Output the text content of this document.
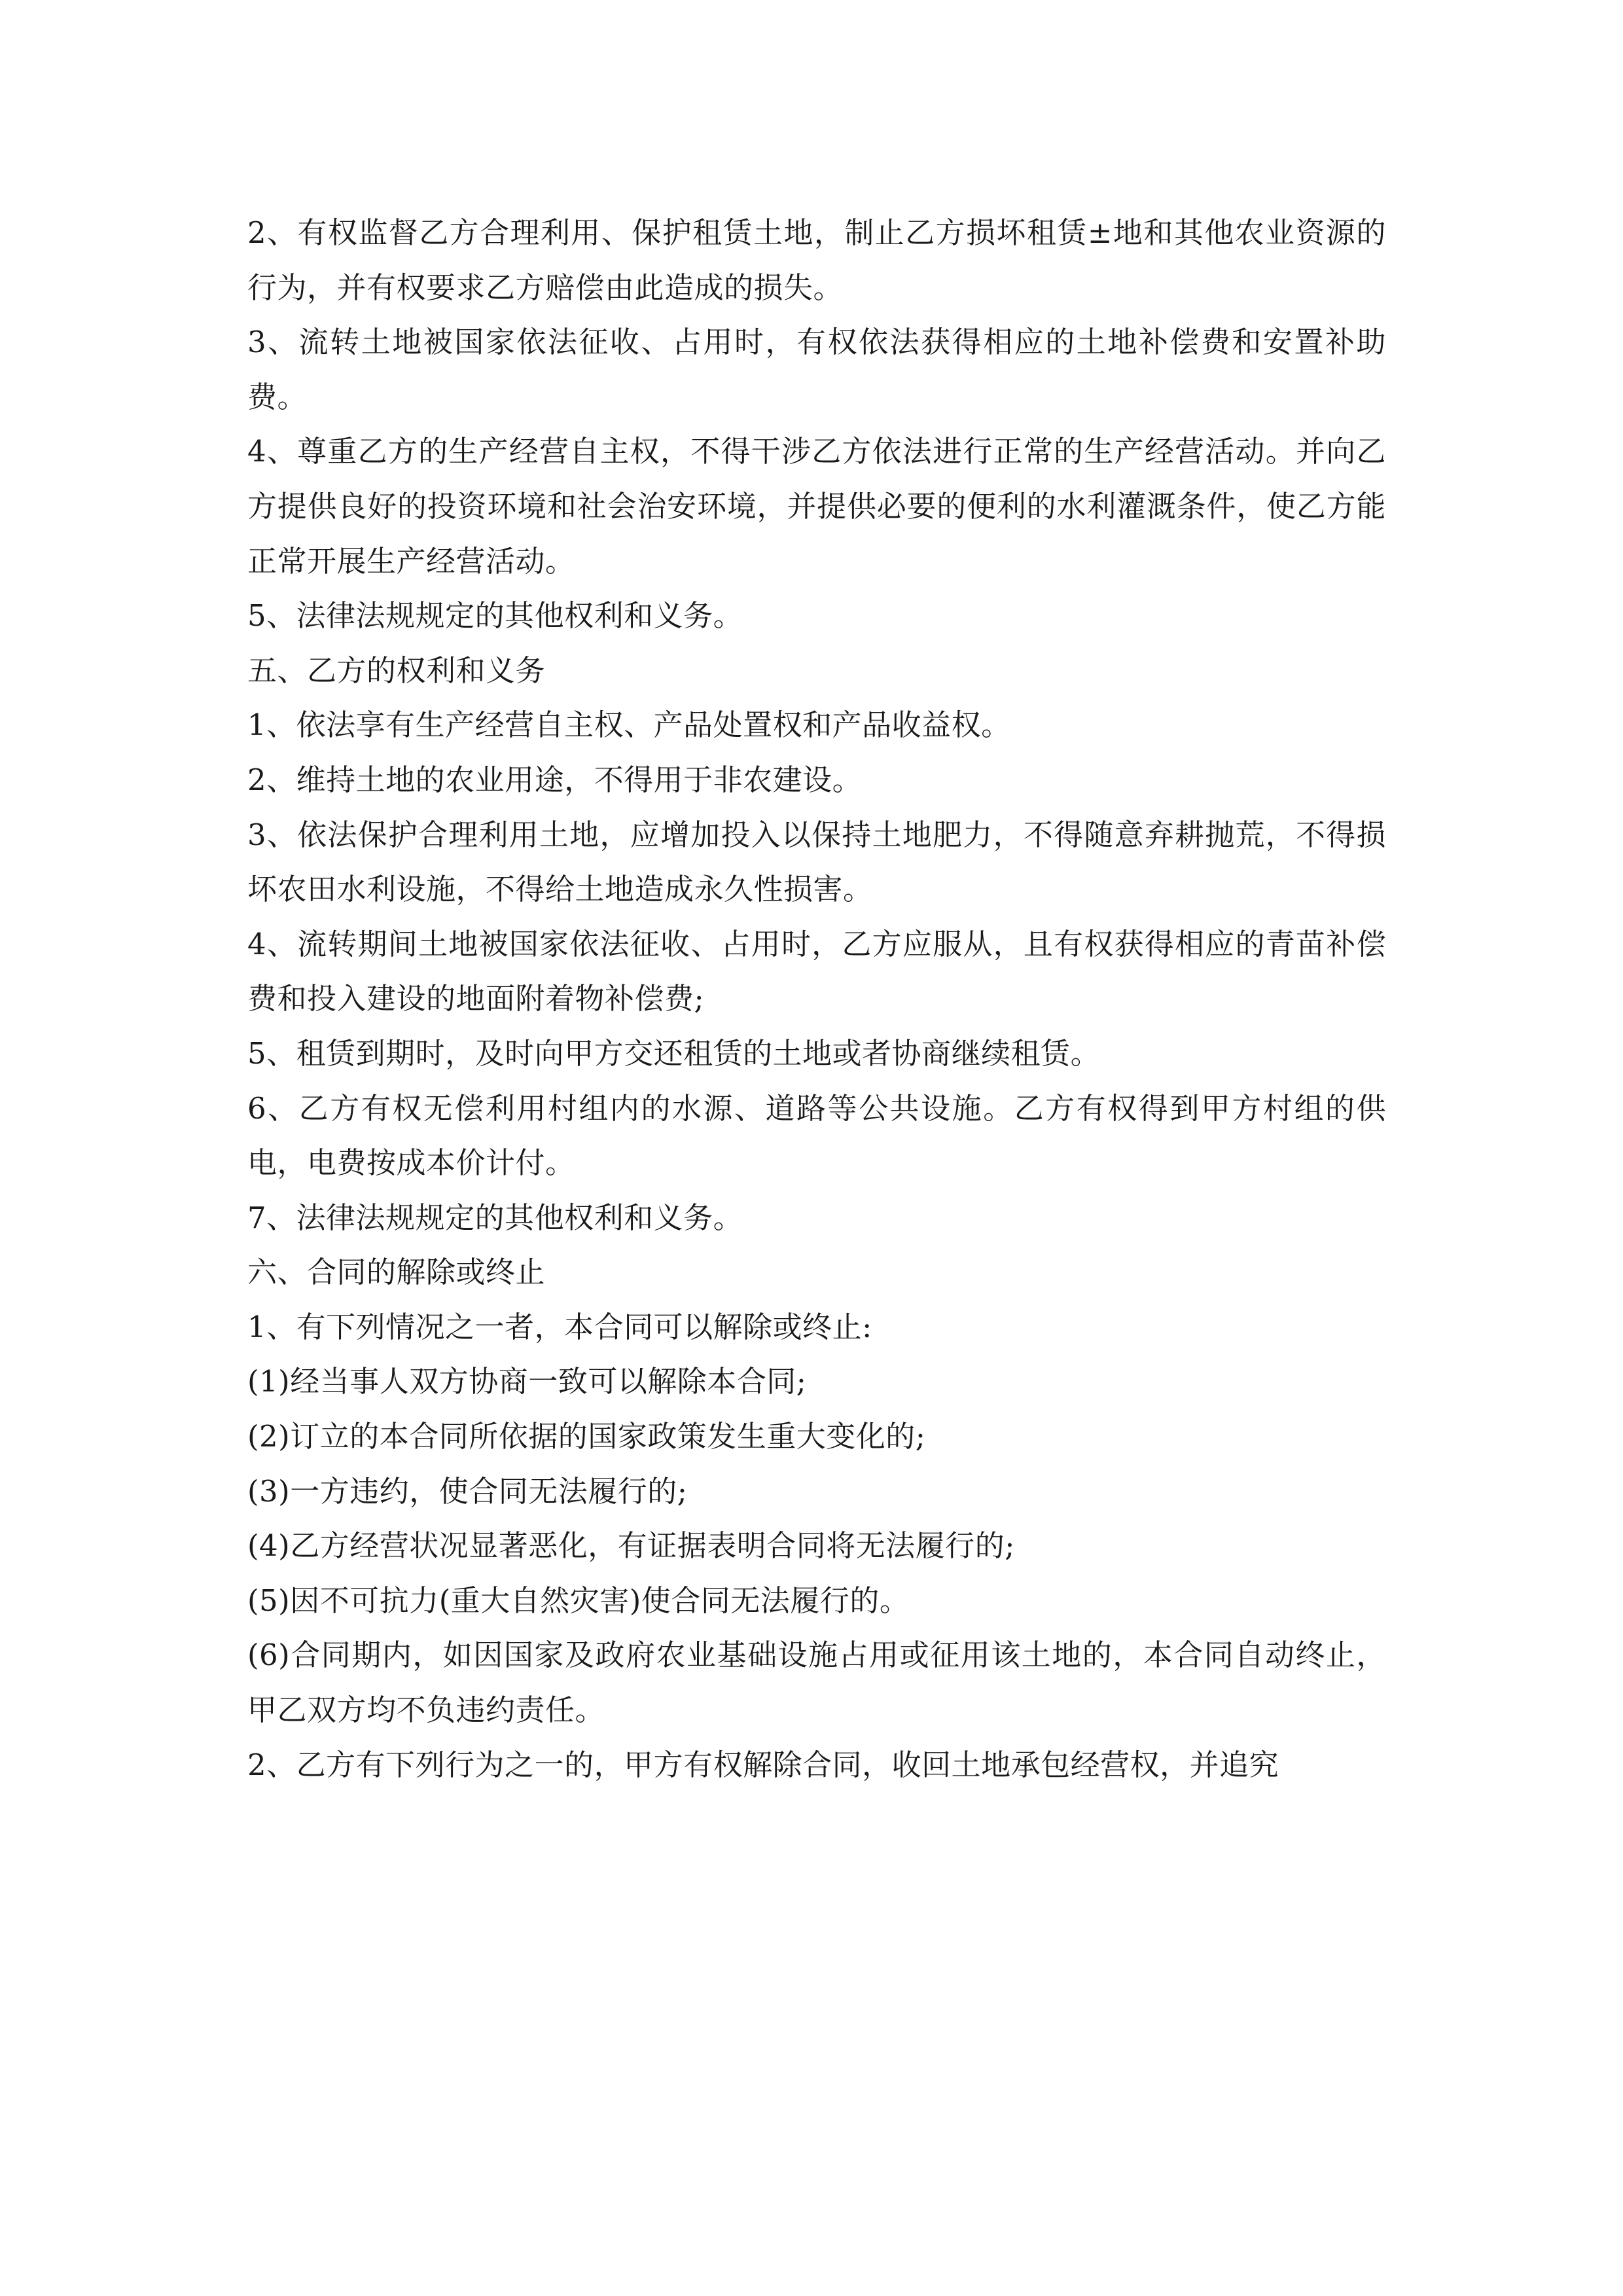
2、有权监督乙方合理利用、保护租赁土地，制止乙方损坏租赁±地和其他农业资源的行为，并有权要求乙方赔偿由此造成的损失。

3、流转土地被国家依法征收、占用时，有权依法获得相应的土地补偿费和安置补助费。

4、尊重乙方的生产经营自主权，不得干涉乙方依法进行正常的生产经营活动。并向乙方提供良好的投资环境和社会治安环境，并提供必要的便利的水利灌溉条件，使乙方能正常开展生产经营活动。

5、法律法规规定的其他权利和义务。

五、乙方的权利和义务

1、依法享有生产经营自主权、产品处置权和产品收益权。

2、维持土地的农业用途，不得用于非农建设。

3、依法保护合理利用土地，应增加投入以保持土地肥力，不得随意弃耕抛荒，不得损坏农田水利设施，不得给土地造成永久性损害。

4、流转期间土地被国家依法征收、占用时，乙方应服从，且有权获得相应的青苗补偿费和投入建设的地面附着物补偿费;

5、租赁到期时，及时向甲方交还租赁的土地或者协商继续租赁。

6、乙方有权无偿利用村组内的水源、道路等公共设施。乙方有权得到甲方村组的供电，电费按成本价计付。

7、法律法规规定的其他权利和义务。

六、合同的解除或终止

1、有下列情况之一者，本合同可以解除或终止:

(1)经当事人双方协商一致可以解除本合同;

(2)订立的本合同所依据的国家政策发生重大变化的;

(3)一方违约，使合同无法履行的;

(4)乙方经营状况显著恶化，有证据表明合同将无法履行的;

(5)因不可抗力(重大自然灾害)使合同无法履行的。

(6)合同期内，如因国家及政府农业基础设施占用或征用该土地的，本合同自动终止，甲乙双方均不负违约责任。

2、乙方有下列行为之一的，甲方有权解除合同，收回土地承包经营权，并追究
